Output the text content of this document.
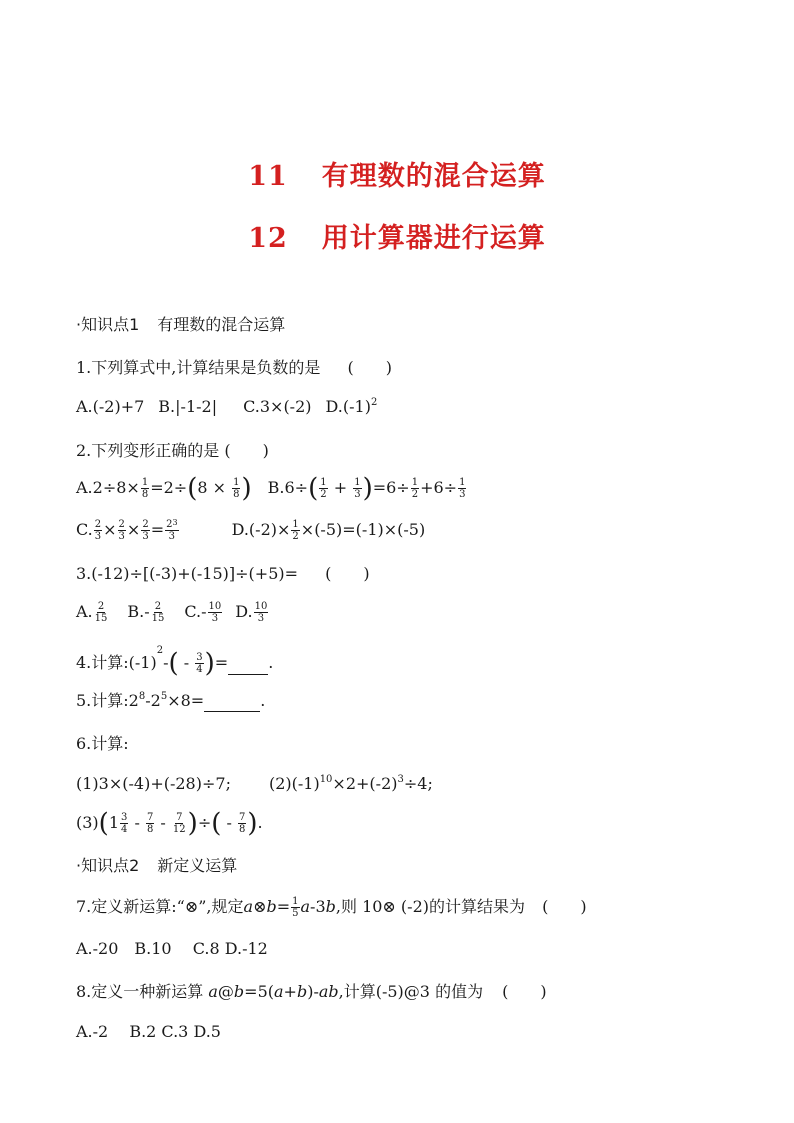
11 有理数的混合运算
12 用计算器进行运算
·知识点1 有理数的混合运算
1.下列算式中,计算结果是负数的是 (　　)
A.(-2)+7 B.|-1-2| C.3×(-2) $D.(-1)^2$
2.下列变形正确的是 (　　)
$A.2\div 8\times \frac{1}{8} =2\div(8 \times \frac{1}{8}$ ) $B.6\div( \frac{1}{2} + \frac{1}{3} )=6\div \frac{1}{2} +6\div \frac{1}{3}$
C. $\frac{2}{3} \times \frac{2}{3} \times \frac{2}{3} = \frac{2^3}{3}$	$D.(-2)\times \frac{1}{2} \times(-5)=(-1)\times(-5)$
3.(-12)÷[(-3)+(-15)]÷(+5)= (　　)
A. $\frac{2}{15} B.- \frac{2}{15} C.- \frac{10}{3} D$. $\frac{10}{3}$
4.计算$:(-1)^2-( - \frac{3}{4}$ )=	.
5.计算$:2^8-2^5\times 8=$	.
6.计算:
(1)3×(-4)+(-28)÷7; $(2)(-1)^{10}\times 2+(-2)^3\div 4$;
$(3)(1 \frac{3}{4} - \frac{7}{8} - \frac{7}{12}$ )÷( - $\frac{7}{8}$ ).
·知识点2 新定义运算
7.定义新运算:“⊗”,规定a⊗b= $\frac{1}{5} a-3b$,则 10⊗ (-2)的计算结果为 (　　)
A.-20　B.10　 C.8 D.-12
8.定义一种新运算 a@b=5(a+b)-ab,计算(-5)@3 的值为 (　　)
A.-2　 B.2 C.3 D.5
